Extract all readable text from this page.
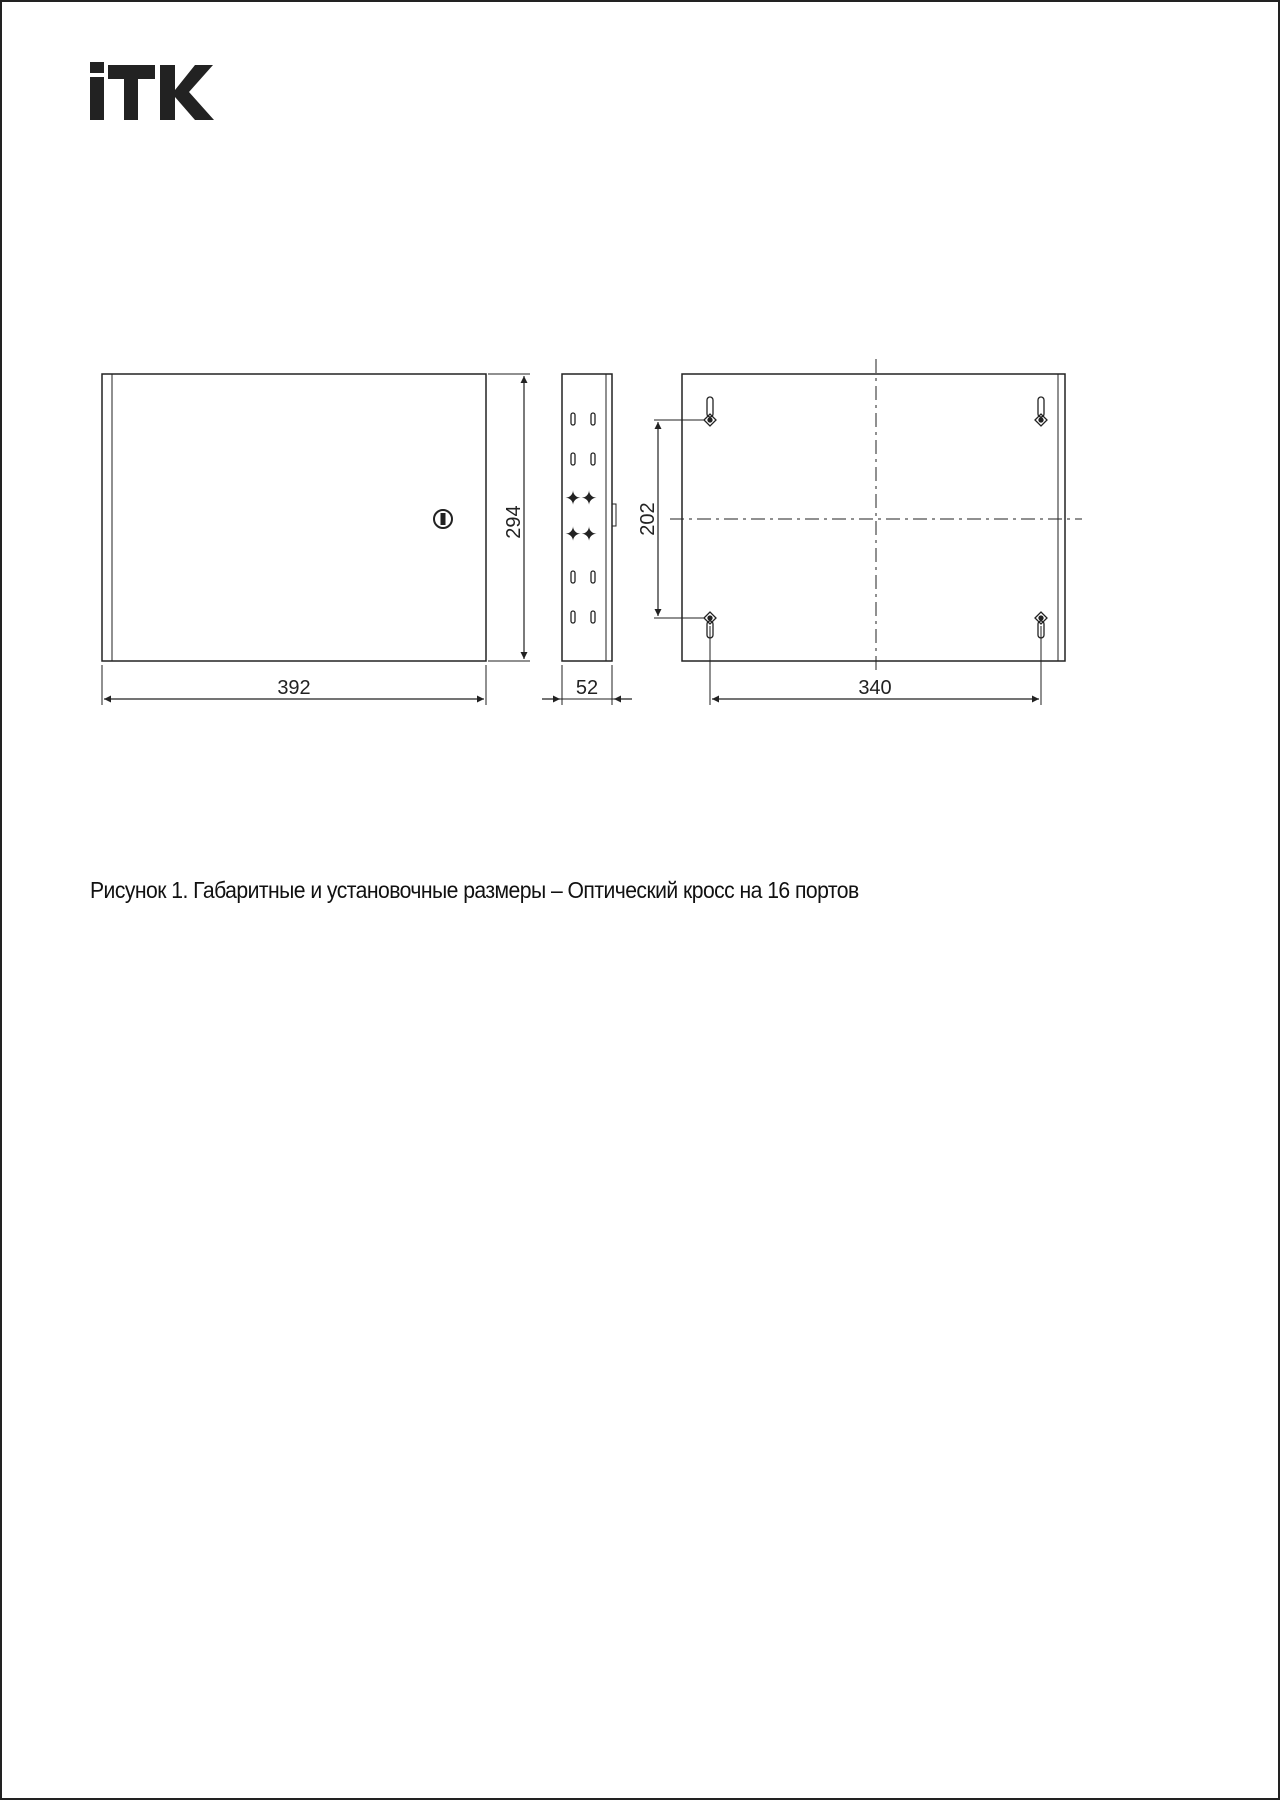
392
294
✦ ✦
✦ ✦
52
202
340
Рисунок 1. Габаритные и установочные размеры – Оптический кросс на 16 портов
